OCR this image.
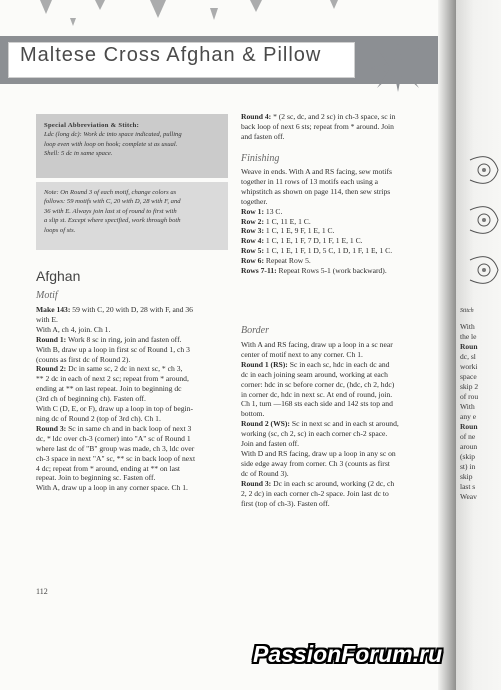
Maltese Cross Afghan & Pillow
Special Abbreviation & Stitch:
Ldc (long dc): Work dc into space indicated, pulling
loop even with loop on hook; complete st as usual.
Shell: 5 dc in same space.
Note: On Round 3 of each motif, change colors as
follows: 59 motifs with C, 20 with D, 28 with F, and
36 with E. Always join last st of round to first with
a slip st. Except where specified, work through both
loops of sts.
Afghan
Motif

Make 143: 59 with C, 20 with D, 28 with F, and 36

with E.

With A, ch 4, join. Ch 1.

Round 1: Work 8 sc in ring, join and fasten off.

With B, draw up a loop in first sc of Round 1, ch 3

(counts as first dc of Round 2).

Round 2: Dc in same sc, 2 dc in next sc, * ch 3,

** 2 dc in each of next 2 sc; repeat from * around,

ending at ** on last repeat. Join to beginning dc

(3rd ch of beginning ch). Fasten off.

With C (D, E, or F), draw up a loop in top of begin-

ning dc of Round 2 (top of 3rd ch). Ch 1.

Round 3: Sc in same ch and in back loop of next 3

dc, * ldc over ch-3 (corner) into "A" sc of Round 1

where last dc of "B" group was made, ch 3, ldc over

ch-3 space in next "A" sc, ** sc in back loop of next

4 dc; repeat from * around, ending at ** on last

repeat. Join to beginning sc. Fasten off.

With A, draw up a loop in any corner space. Ch 1.

Round 4: * (2 sc, dc, and 2 sc) in ch-3 space, sc in

back loop of next 6 sts; repeat from * around. Join

and fasten off.

Finishing

Weave in ends. With A and RS facing, sew motifs

together in 11 rows of 13 motifs each using a

whipstitch as shown on page 114, then sew strips

together.

Row 1: 13 C.

Row 2: 1 C, 11 E, 1 C.

Row 3: 1 C, 1 E, 9 F, 1 E, 1 C.

Row 4: 1 C, 1 E, 1 F, 7 D, 1 F, 1 E, 1 C.

Row 5: 1 C, 1 E, 1 F, 1 D, 5 C, 1 D, 1 F, 1 E, 1 C.

Row 6: Repeat Row 5.

Rows 7-11: Repeat Rows 5-1 (work backward).

Border

With A and RS facing, draw up a loop in a sc near

center of motif next to any corner. Ch 1.

Round 1 (RS): Sc in each sc, hdc in each dc and

dc in each joining seam around, working at each

corner: hdc in sc before corner dc, (hdc, ch 2, hdc)

in corner dc, hdc in next sc. At end of round, join.

Ch 1, turn —168 sts each side and 142 sts top and

bottom.

Round 2 (WS): Sc in next sc and in each st around,

working (sc, ch 2, sc) in each corner ch-2 space.

Join and fasten off.

With D and RS facing, draw up a loop in any sc on

side edge away from corner. Ch 3 (counts as first

dc of Round 3).

Round 3: Dc in each sc around, working (2 dc, ch

2, 2 dc) in each corner ch-2 space. Join last dc to

first (top of ch-3). Fasten off.

112
Stitch
With
the le
Roun
dc, sl
worki
space
skip 2
of rou
With
any e
Roun
of ne
aroun
(skip
st) in
skip
last s
Weav
PassionForum.ru
